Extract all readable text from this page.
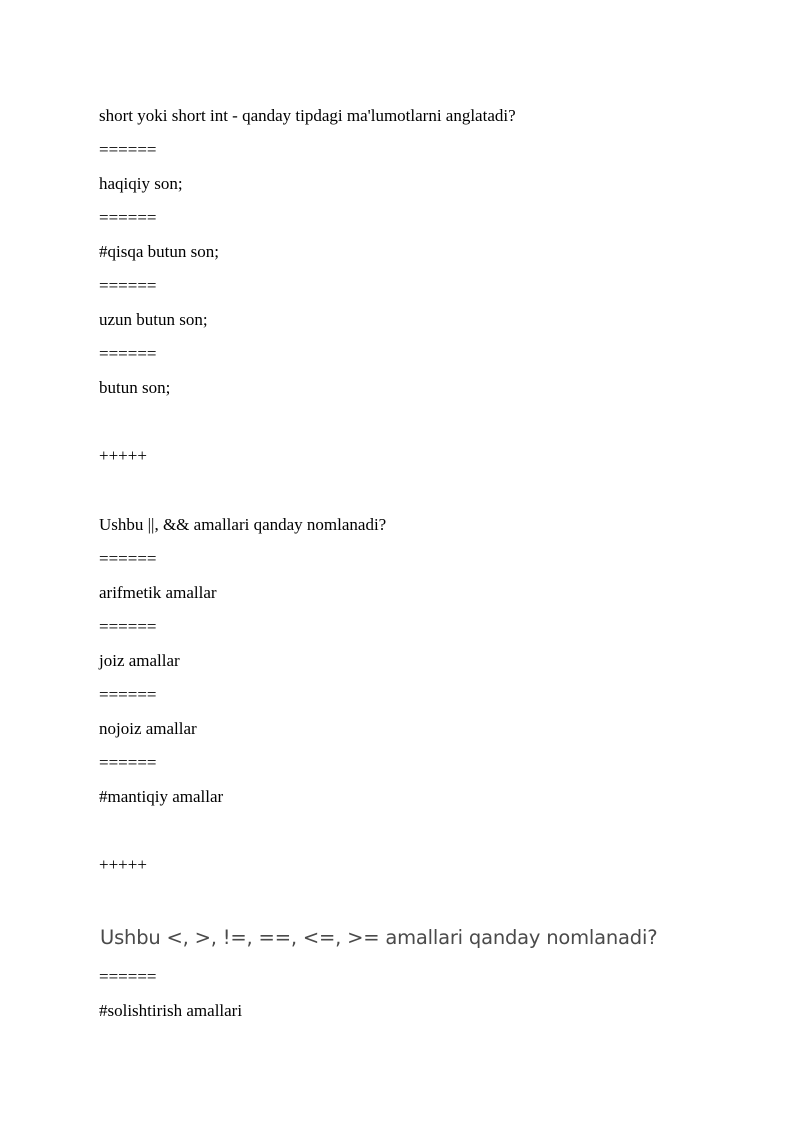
short yoki short int - qanday tipdagi ma'lumotlarni anglatadi?

======

haqiqiy son;

======

#qisqa butun son;

======

uzun butun son;

======

butun son;

+++++

Ushbu ||, && amallari qanday nomlanadi?

======

arifmetik amallar

======

joiz amallar

======

nojoiz amallar

======

#mantiqiy amallar

+++++

Ushbu <, >, !=, ==, <=, >= amallari qanday nomlanadi?

======

#solishtirish amallari
